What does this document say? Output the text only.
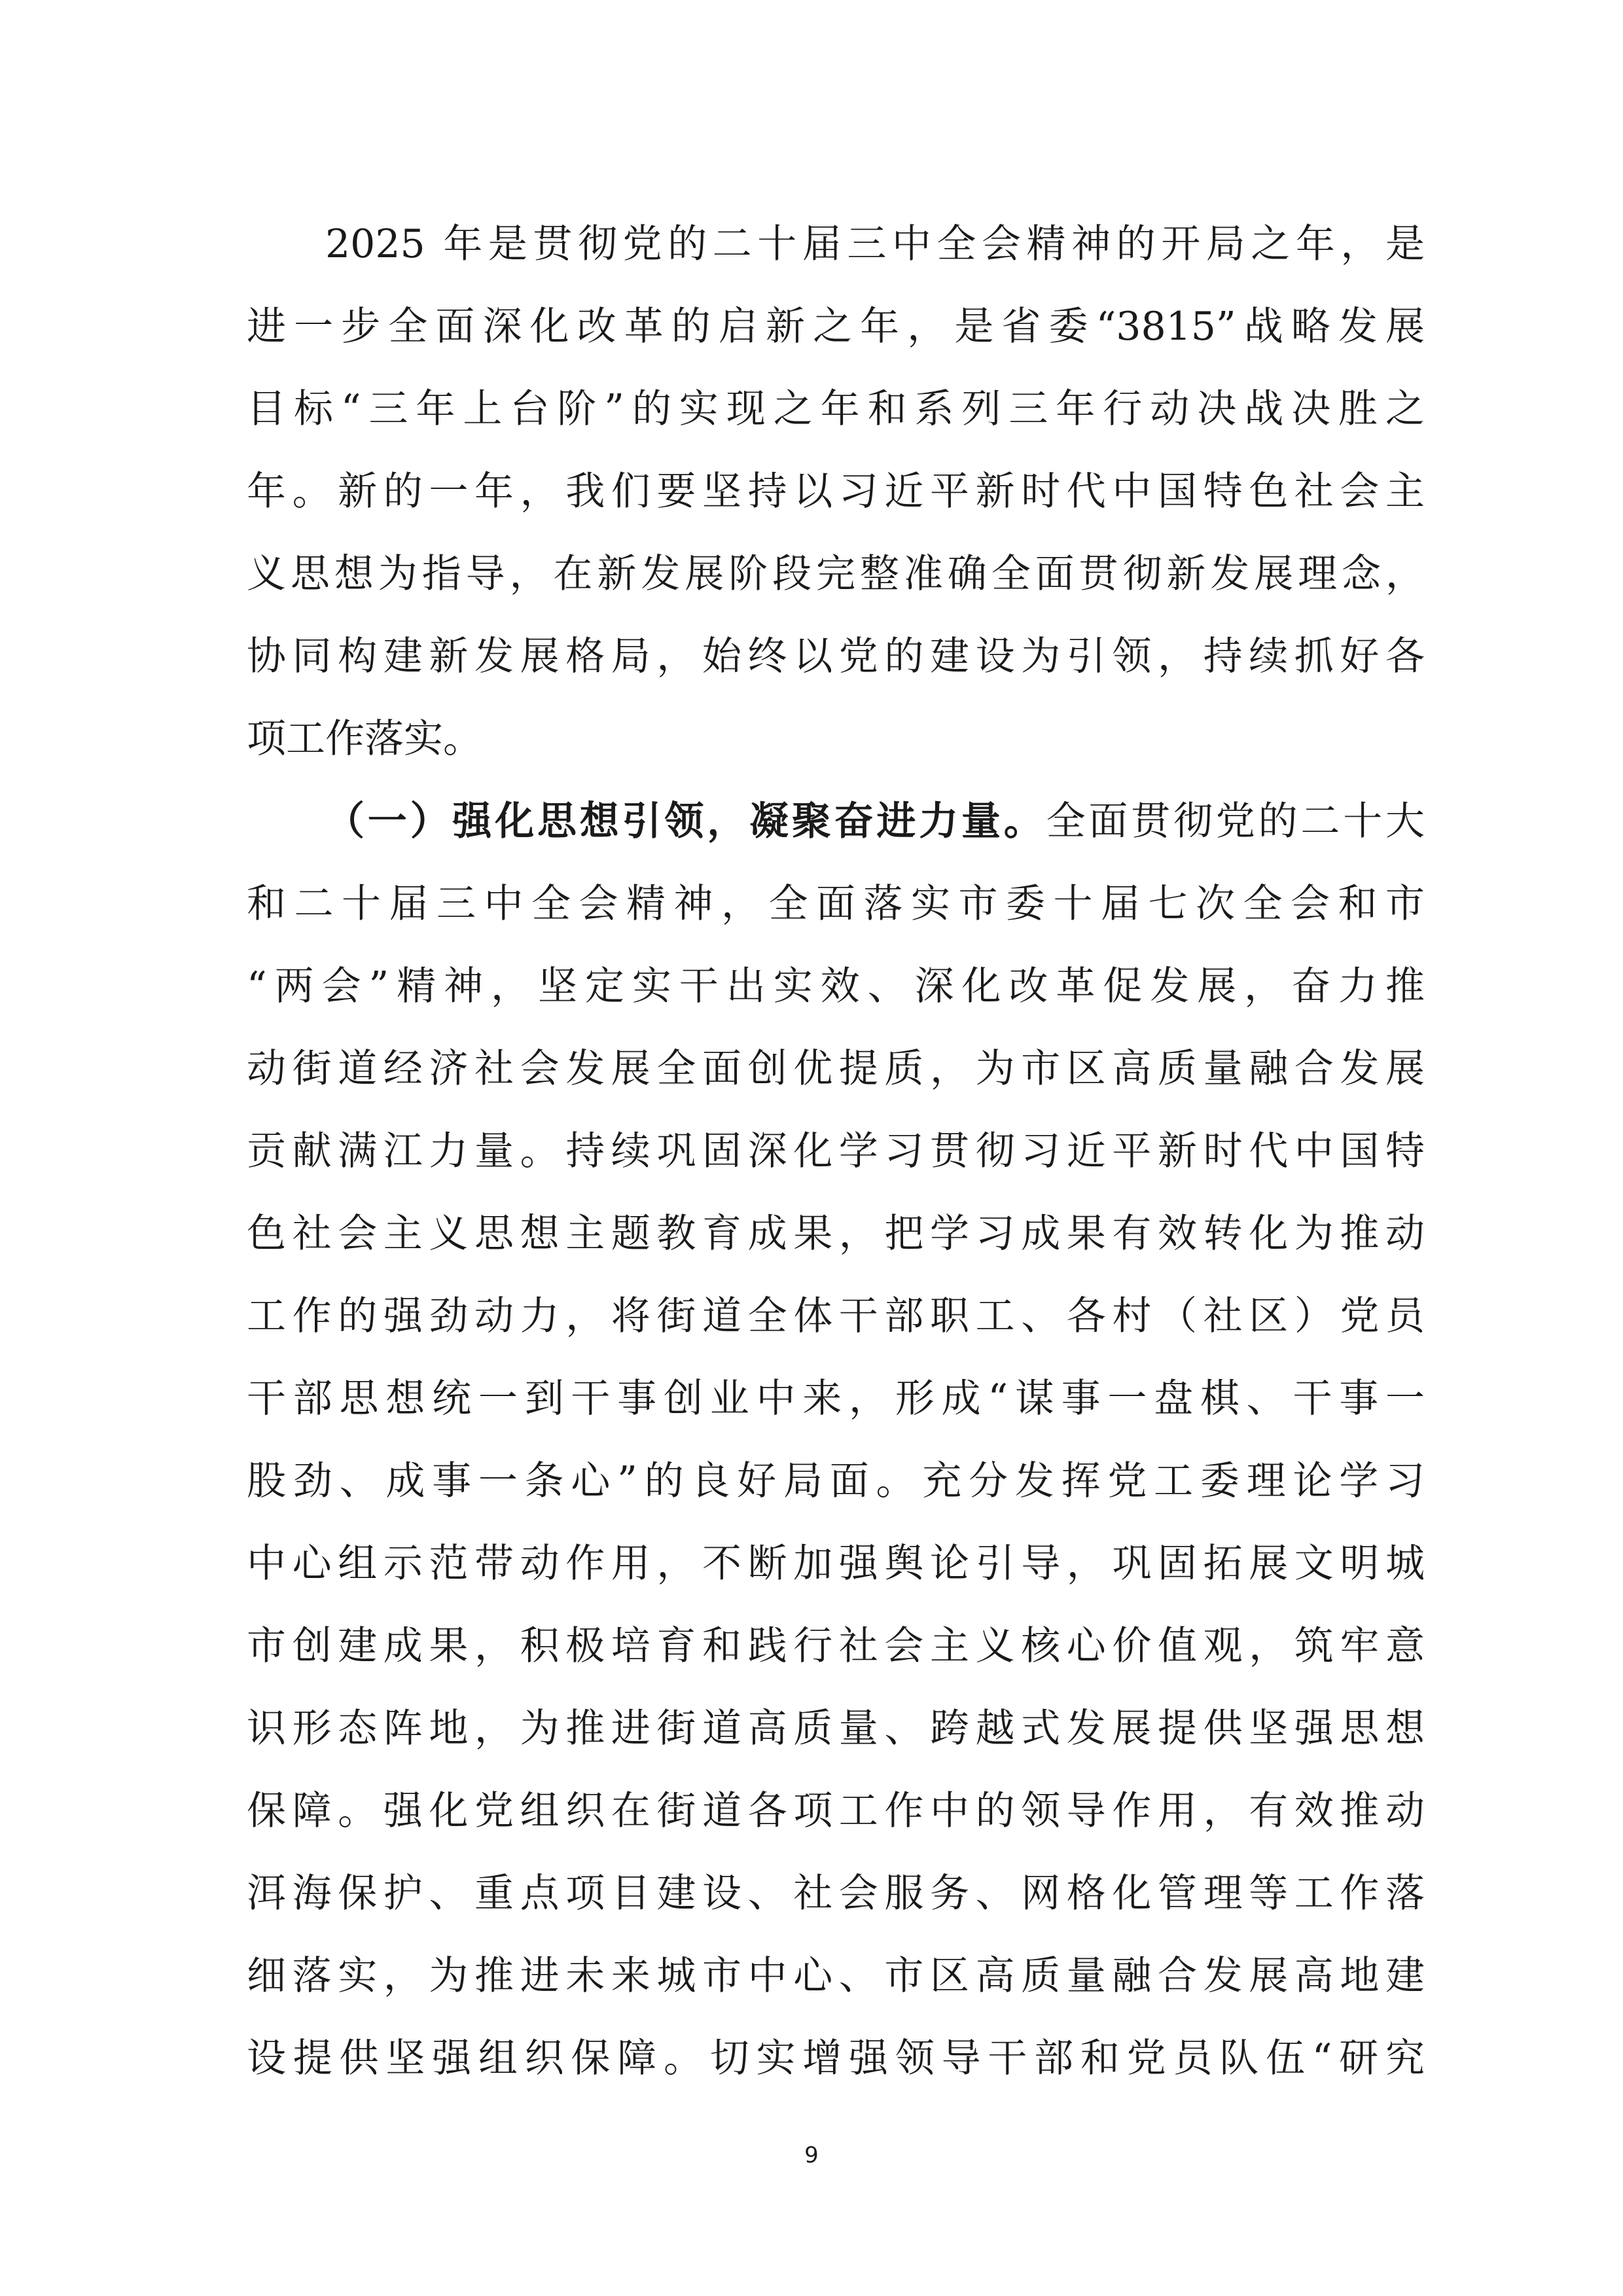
2025 年是贯彻党的二十届三中全会精神的开局之年，是
进一步全面深化改革的启新之年，是省委“3815”战略发展
目标“三年上台阶”的实现之年和系列三年行动决战决胜之
年。新的一年，我们要坚持以习近平新时代中国特色社会主
义思想为指导，在新发展阶段完整准确全面贯彻新发展理念，
协同构建新发展格局，始终以党的建设为引领，持续抓好各
项工作落实。
（一）强化思想引领，凝聚奋进力量。全面贯彻党的二十大
和二十届三中全会精神，全面落实市委十届七次全会和市
“两会”精神，坚定实干出实效、深化改革促发展，奋力推
动街道经济社会发展全面创优提质，为市区高质量融合发展
贡献满江力量。持续巩固深化学习贯彻习近平新时代中国特
色社会主义思想主题教育成果，把学习成果有效转化为推动
工作的强劲动力，将街道全体干部职工、各村（社区）党员
干部思想统一到干事创业中来，形成“谋事一盘棋、干事一
股劲、成事一条心”的良好局面。充分发挥党工委理论学习
中心组示范带动作用，不断加强舆论引导，巩固拓展文明城
市创建成果，积极培育和践行社会主义核心价值观，筑牢意
识形态阵地，为推进街道高质量、跨越式发展提供坚强思想
保障。强化党组织在街道各项工作中的领导作用，有效推动
洱海保护、重点项目建设、社会服务、网格化管理等工作落
细落实，为推进未来城市中心、市区高质量融合发展高地建
设提供坚强组织保障。切实增强领导干部和党员队伍“研究
9
